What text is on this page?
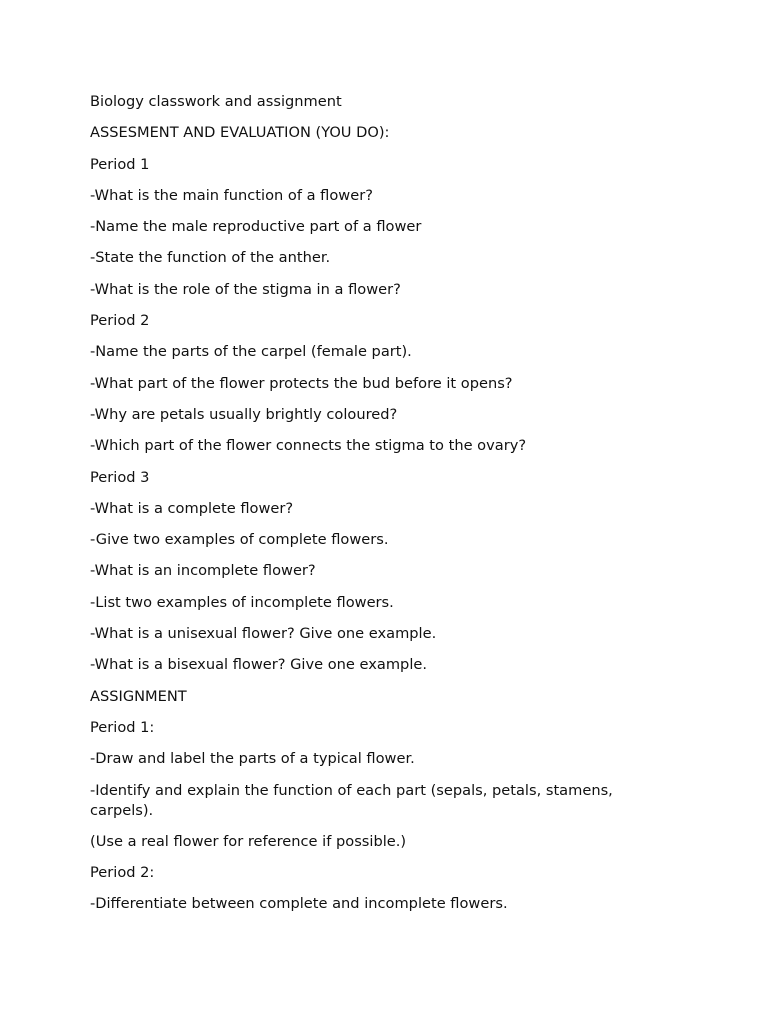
Biology classwork and assignment
ASSESMENT AND EVALUATION (YOU DO):
Period 1
-What is the main function of a flower?
-Name the male reproductive part of a flower
-State the function of the anther.
-What is the role of the stigma in a flower?
Period 2
-Name the parts of the carpel (female part).
-What part of the flower protects the bud before it opens?
-Why are petals usually brightly coloured?
-Which part of the flower connects the stigma to the ovary?
Period 3
-What is a complete flower?
-Give two examples of complete flowers.
-What is an incomplete flower?
-List two examples of incomplete flowers.
-What is a unisexual flower? Give one example.
-What is a bisexual flower? Give one example.
ASSIGNMENT
Period 1:
-Draw and label the parts of a typical flower.
-Identify and explain the function of each part (sepals, petals, stamens, carpels).
(Use a real flower for reference if possible.)
Period 2:
-Differentiate between complete and incomplete flowers.
